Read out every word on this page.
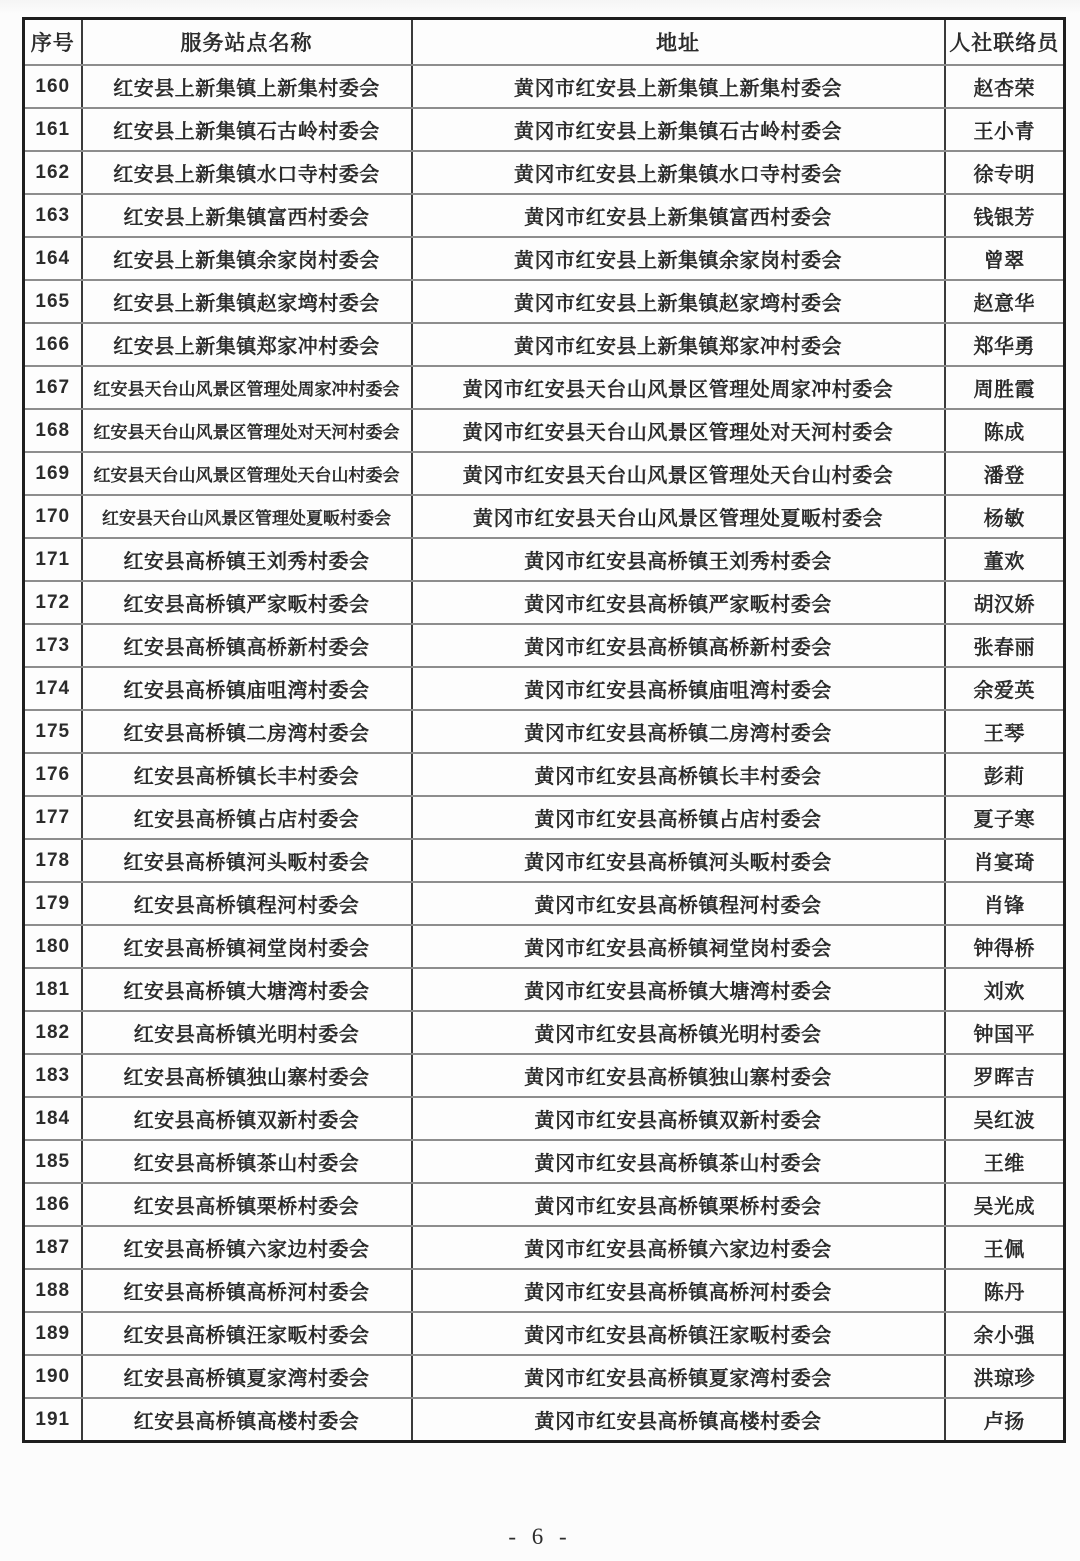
序号	服务站点名称	地址	人社联络员
160	红安县上新集镇上新集村委会	黄冈市红安县上新集镇上新集村委会	赵杏荣
161	红安县上新集镇石古岭村委会	黄冈市红安县上新集镇石古岭村委会	王小青
162	红安县上新集镇水口寺村委会	黄冈市红安县上新集镇水口寺村委会	徐专明
163	红安县上新集镇富西村委会	黄冈市红安县上新集镇富西村委会	钱银芳
164	红安县上新集镇余家岗村委会	黄冈市红安县上新集镇余家岗村委会	曾翠
165	红安县上新集镇赵家塆村委会	黄冈市红安县上新集镇赵家塆村委会	赵意华
166	红安县上新集镇郑家冲村委会	黄冈市红安县上新集镇郑家冲村委会	郑华勇
167	红安县天台山风景区管理处周家冲村委会	黄冈市红安县天台山风景区管理处周家冲村委会	周胜霞
168	红安县天台山风景区管理处对天河村委会	黄冈市红安县天台山风景区管理处对天河村委会	陈成
169	红安县天台山风景区管理处天台山村委会	黄冈市红安县天台山风景区管理处天台山村委会	潘登
170	红安县天台山风景区管理处夏畈村委会	黄冈市红安县天台山风景区管理处夏畈村委会	杨敏
171	红安县高桥镇王刘秀村委会	黄冈市红安县高桥镇王刘秀村委会	董欢
172	红安县高桥镇严家畈村委会	黄冈市红安县高桥镇严家畈村委会	胡汉娇
173	红安县高桥镇高桥新村委会	黄冈市红安县高桥镇高桥新村委会	张春丽
174	红安县高桥镇庙咀湾村委会	黄冈市红安县高桥镇庙咀湾村委会	余爱英
175	红安县高桥镇二房湾村委会	黄冈市红安县高桥镇二房湾村委会	王琴
176	红安县高桥镇长丰村委会	黄冈市红安县高桥镇长丰村委会	彭莉
177	红安县高桥镇占店村委会	黄冈市红安县高桥镇占店村委会	夏子寒
178	红安县高桥镇河头畈村委会	黄冈市红安县高桥镇河头畈村委会	肖宴琦
179	红安县高桥镇程河村委会	黄冈市红安县高桥镇程河村委会	肖锋
180	红安县高桥镇祠堂岗村委会	黄冈市红安县高桥镇祠堂岗村委会	钟得桥
181	红安县高桥镇大塘湾村委会	黄冈市红安县高桥镇大塘湾村委会	刘欢
182	红安县高桥镇光明村委会	黄冈市红安县高桥镇光明村委会	钟国平
183	红安县高桥镇独山寨村委会	黄冈市红安县高桥镇独山寨村委会	罗晖吉
184	红安县高桥镇双新村委会	黄冈市红安县高桥镇双新村委会	吴红波
185	红安县高桥镇茶山村委会	黄冈市红安县高桥镇茶山村委会	王维
186	红安县高桥镇栗桥村委会	黄冈市红安县高桥镇栗桥村委会	吴光成
187	红安县高桥镇六家边村委会	黄冈市红安县高桥镇六家边村委会	王佩
188	红安县高桥镇高桥河村委会	黄冈市红安县高桥镇高桥河村委会	陈丹
189	红安县高桥镇汪家畈村委会	黄冈市红安县高桥镇汪家畈村委会	余小强
190	红安县高桥镇夏家湾村委会	黄冈市红安县高桥镇夏家湾村委会	洪琼珍
191	红安县高桥镇高楼村委会	黄冈市红安县高桥镇高楼村委会	卢扬
- 6 -
